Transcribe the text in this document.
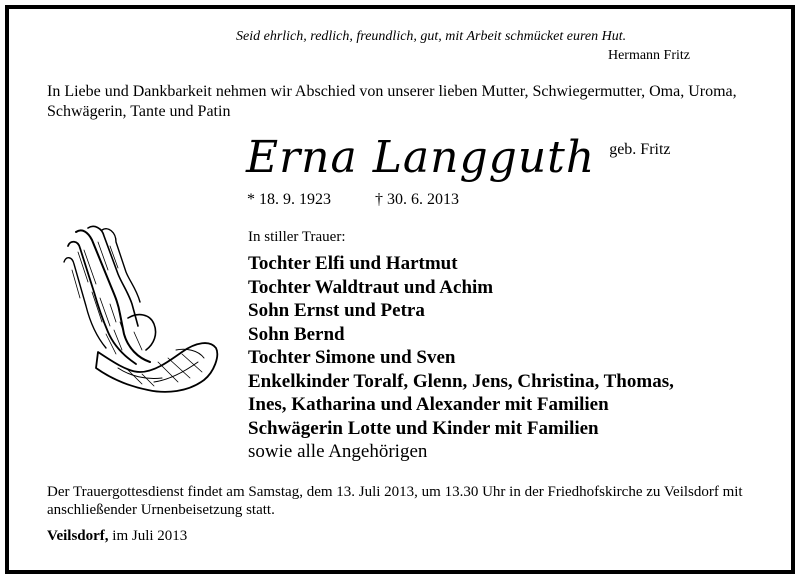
Seid ehrlich, redlich, freundlich, gut, mit Arbeit schmücket euren Hut.
Hermann Fritz
In Liebe und Dankbarkeit nehmen wir Abschied von unserer lieben Mutter, Schwiegermutter, Oma, Uroma, Schwägerin, Tante und Patin
Erna Langguth geb. Fritz
* 18. 9. 1923	† 30. 6. 2013
In stiller Trauer:
Tochter Elfi und Hartmut
Tochter Waldtraut und Achim
Sohn Ernst und Petra
Sohn Bernd
Tochter Simone und Sven
Enkelkinder Toralf, Glenn, Jens, Christina, Thomas,
Ines, Katharina und Alexander mit Familien
Schwägerin Lotte und Kinder mit Familien
sowie alle Angehörigen
Der Trauergottesdienst findet am Samstag, dem 13. Juli 2013, um 13.30 Uhr in der Friedhofskirche zu Veilsdorf mit anschließender Urnenbeisetzung statt.
Veilsdorf, im Juli 2013
